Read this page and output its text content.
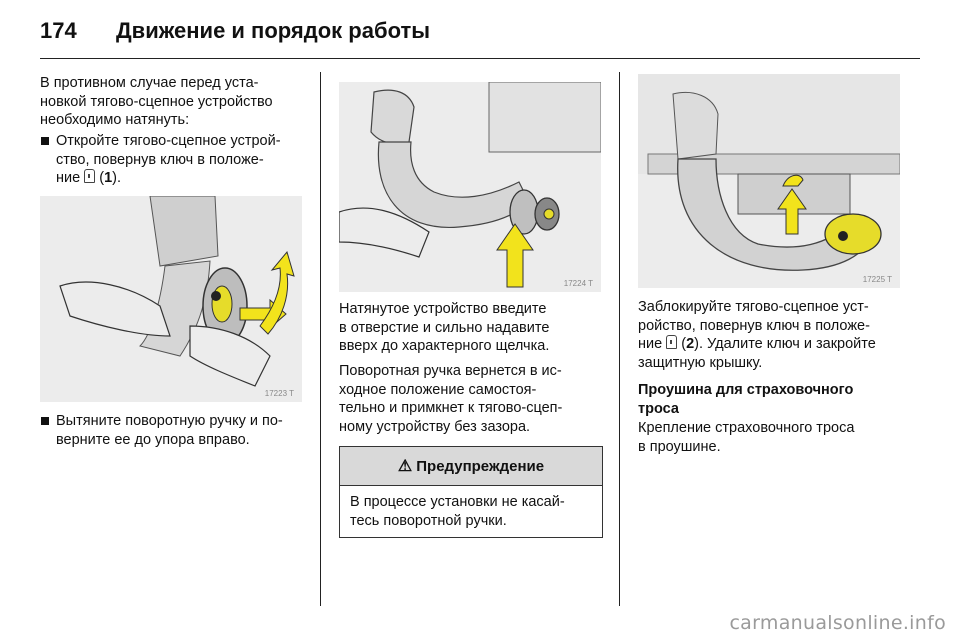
174 Движение и порядок работы
В противном случае перед уста-
новкой тягово-сцепное устройство
необходимо натянуть:
Откройте тягово-сцепное устрой-
ство, повернув ключ в положе-
ние  (1).
17223 T
Вытяните поворотную ручку и по-
верните ее до упора вправо.
17224 T
Натянутое устройство введите
в отверстие и сильно надавите
вверх до характерного щелчка.
Поворотная ручка вернется в ис-
ходное положение самостоя-
тельно и примкнет к тягово-сцеп-
ному устройству без зазора.
⚠ Предупреждение
В процессе установки не касай-
тесь поворотной ручки.
17225 T
Заблокируйте тягово-сцепное уст-
ройство, повернув ключ в положе-
ние  (2). Удалите ключ и закройте
защитную крышку.
Проушина для страховочного
троса
Крепление страховочного троса
в проушине.
carmanualsonline.info
